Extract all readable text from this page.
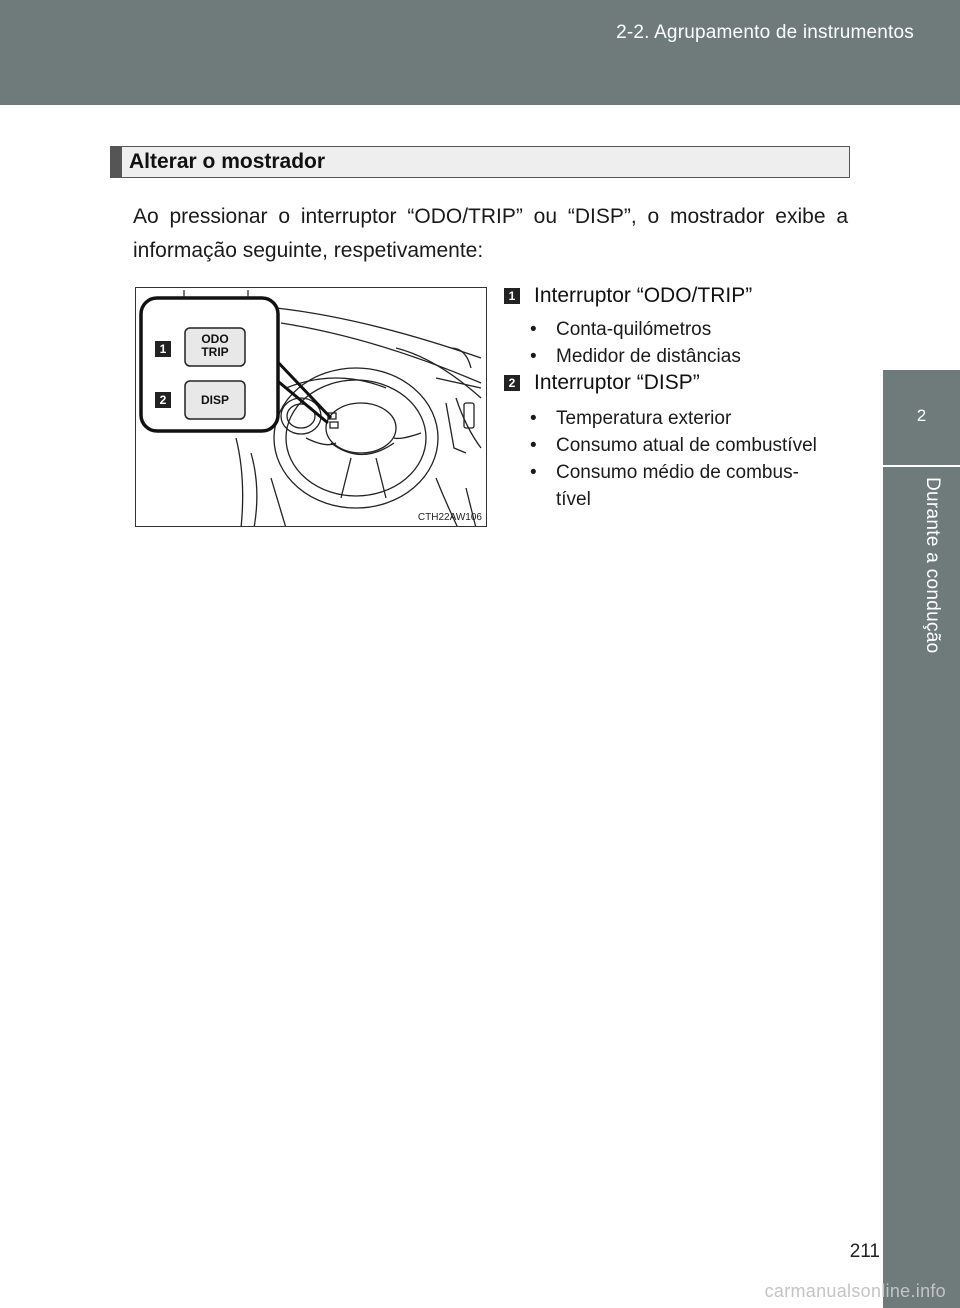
2-2. Agrupamento de instrumentos
2
Durante a condução
Alterar o mostrador
Ao pressionar o interruptor “ODO/TRIP” ou “DISP”, o mostrador exibe a informação seguinte, respetivamente:
1
2
ODO
TRIP
DISP
CTH22AW106
1 Interruptor “ODO/TRIP”
• Conta-quilómetros
• Medidor de distâncias
2 Interruptor “DISP”
• Temperatura exterior
• Consumo atual de combustível
• Consumo médio de combus-
tível
211
carmanualsonline.info
